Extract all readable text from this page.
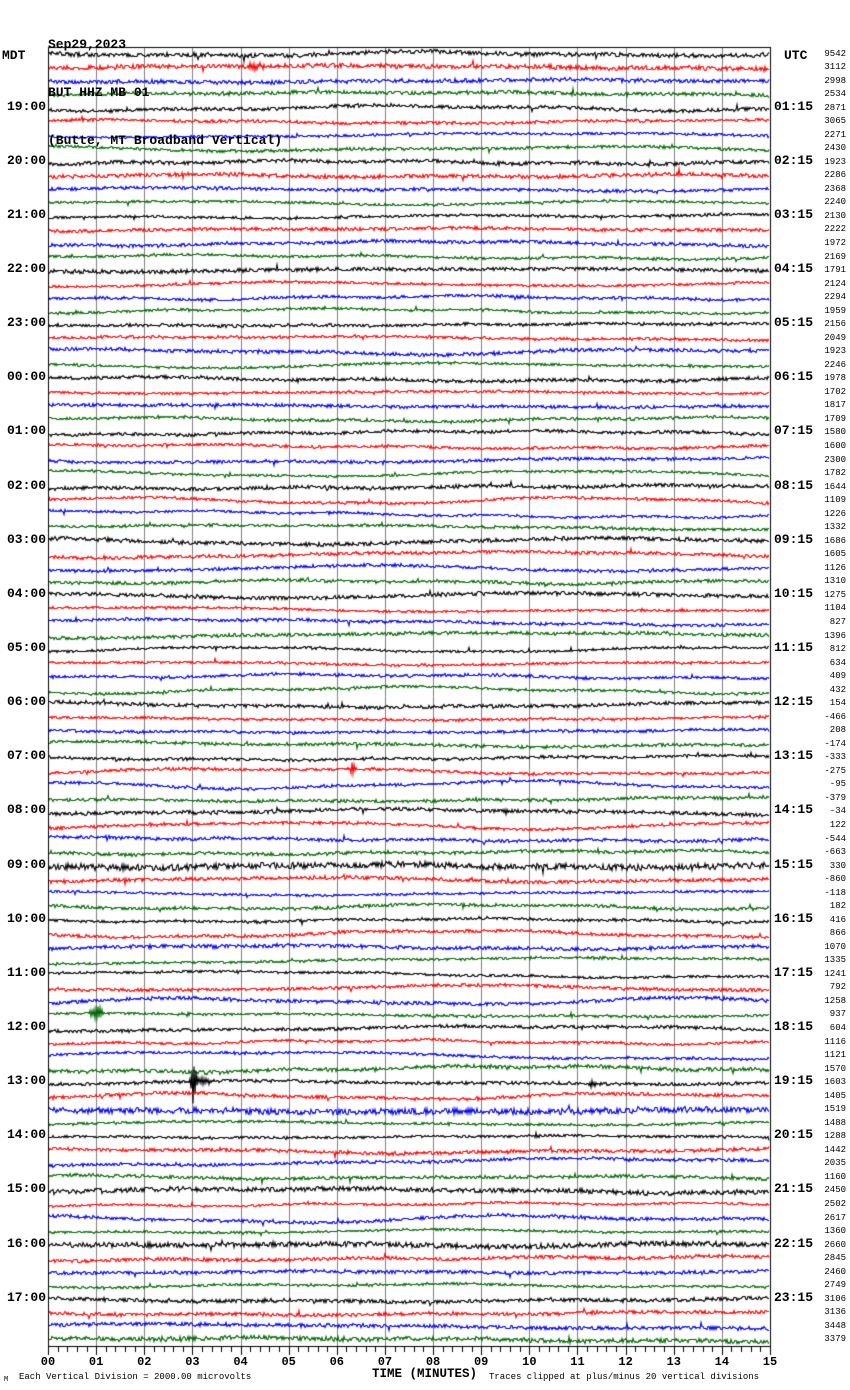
Sep29,2023

BUT HHZ MB 01

(Butte, MT Broadband Vertical)

MDT	UTC
19:00
20:00
21:00
22:00
23:00
00:00
01:00
02:00
03:00
04:00
05:00
06:00
07:00
08:00
09:00
10:00
11:00
12:00
13:00
14:00
15:00
16:00
17:00
01:15
02:15
03:15
04:15
05:15
06:15
07:15
08:15
09:15
10:15
11:15
12:15
13:15
14:15
15:15
16:15
17:15
18:15
19:15
20:15
21:15
22:15
23:15
9542
3112
2998
2534
2871
3065
2271
2430
1923
2286
2368
2240
2130
2222
1972
2169
1791
2124
2294
1959
2156
2049
1923
2246
1978
1702
1817
1709
1580
1600
2300
1782
1644
1109
1226
1332
1686
1605
1126
1310
1275
1104
827
1396
812
634
409
432
154
-466
208
-174
-333
-275
-95
-379
-34
122
-544
-663
330
-860
-118
182
416
866
1070
1335
1241
792
1258
937
604
1116
1121
1570
1603
1405
1519
1488
1288
1442
2035
1160
2450
2502
2617
1360
2660
2845
2460
2749
3106
3136
3448
3379
00	01	02	03	04	05	06	07	08	09	10	11	12	13	14	15
M Each Vertical Division = 2000.00 microvolts	TIME (MINUTES) Traces clipped at plus/minus 20 vertical divisions
